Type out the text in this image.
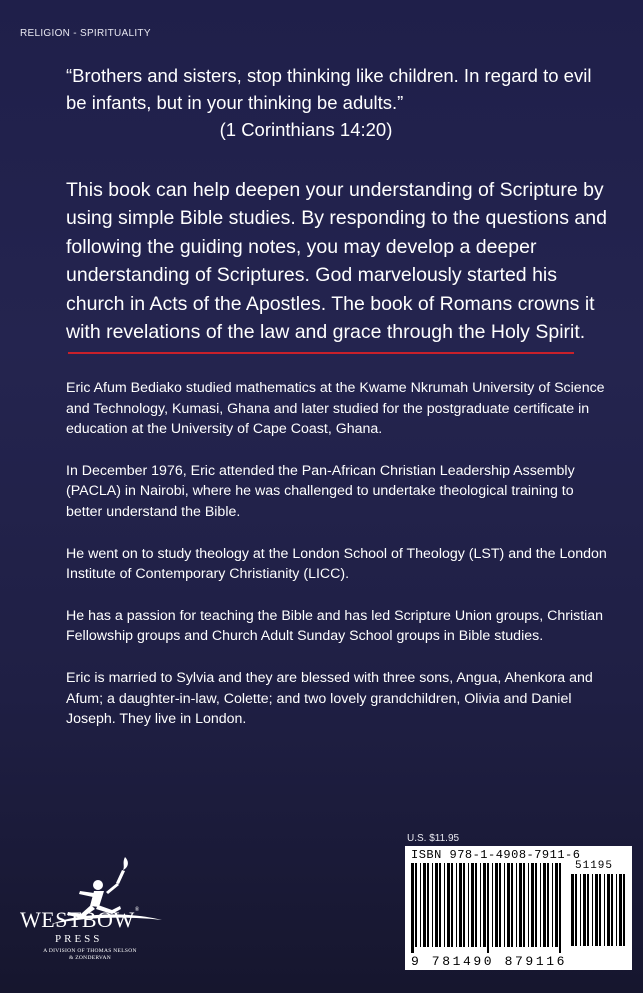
RELIGION - SPIRITUALITY
“Brothers and sisters, stop thinking like children. In regard to evil be infants, but in your thinking be adults.”
(1 Corinthians 14:20)

This book can help deepen your understanding of Scripture by using simple Bible studies. By responding to the questions and following the guiding notes, you may develop a deeper understanding of Scriptures. God marvelously started his church in Acts of the Apostles. The book of Romans crowns it with revelations of the law and grace through the Holy Spirit.

Eric Afum Bediako studied mathematics at the Kwame Nkrumah University of Science and Technology, Kumasi, Ghana and later studied for the postgraduate certificate in education at the University of Cape Coast, Ghana.

In December 1976, Eric attended the Pan-African Christian Leadership Assembly (PACLA) in Nairobi, where he was challenged to undertake theological training to better understand the Bible.

He went on to study theology at the London School of Theology (LST) and the London Institute of Contemporary Christianity (LICC).

He has a passion for teaching the Bible and has led Scripture Union groups, Christian Fellowship groups and Church Adult Sunday School groups in Bible studies.

Eric is married to Sylvia and they are blessed with three sons, Angua, Ahenkora and Afum; a daughter-in-law, Colette; and two lovely grandchildren, Olivia and Daniel Joseph. They live in London.

WESTBOW®
PRESS
A DIVISION OF THOMAS NELSON
& ZONDERVAN
U.S. $11.95
ISBN 978-1-4908-7911-6
51195
9 781490 879116
